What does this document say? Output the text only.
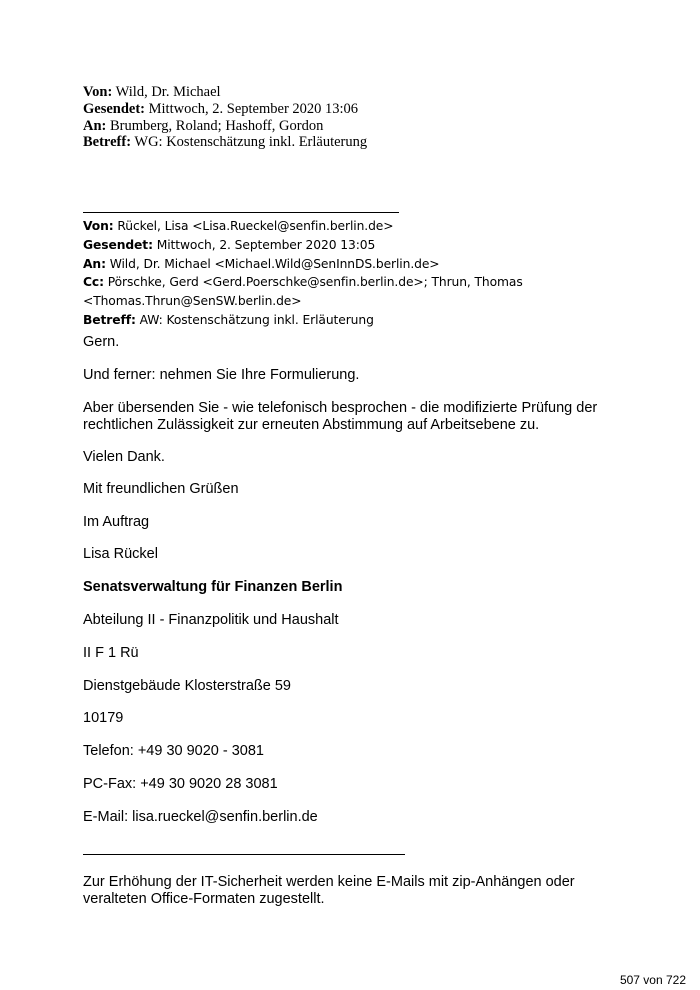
Von: Wild, Dr. Michael
Gesendet: Mittwoch, 2. September 2020 13:06
An: Brumberg, Roland; Hashoff, Gordon
Betreff: WG: Kostenschätzung inkl. Erläuterung
Von: Rückel, Lisa <Lisa.Rueckel@senfin.berlin.de>
Gesendet: Mittwoch, 2. September 2020 13:05
An: Wild, Dr. Michael <Michael.Wild@SenInnDS.berlin.de>
Cc: Pörschke, Gerd <Gerd.Poerschke@senfin.berlin.de>; Thrun, Thomas
<Thomas.Thrun@SenSW.berlin.de>
Betreff: AW: Kostenschätzung inkl. Erläuterung
Gern.
Und ferner: nehmen Sie Ihre Formulierung.
Aber übersenden Sie - wie telefonisch besprochen - die modifizierte Prüfung der
rechtlichen Zulässigkeit zur erneuten Abstimmung auf Arbeitsebene zu.
Vielen Dank.
Mit freundlichen Grüßen
Im Auftrag
Lisa Rückel
Senatsverwaltung für Finanzen Berlin
Abteilung II - Finanzpolitik und Haushalt
II F 1 Rü
Dienstgebäude Klosterstraße 59
10179
Telefon: +49 30 9020 - 3081
PC-Fax: +49 30 9020 28 3081
E-Mail: lisa.rueckel@senfin.berlin.de
Zur Erhöhung der IT-Sicherheit werden keine E-Mails mit zip-Anhängen oder
veralteten Office-Formaten zugestellt.
507 von 722
